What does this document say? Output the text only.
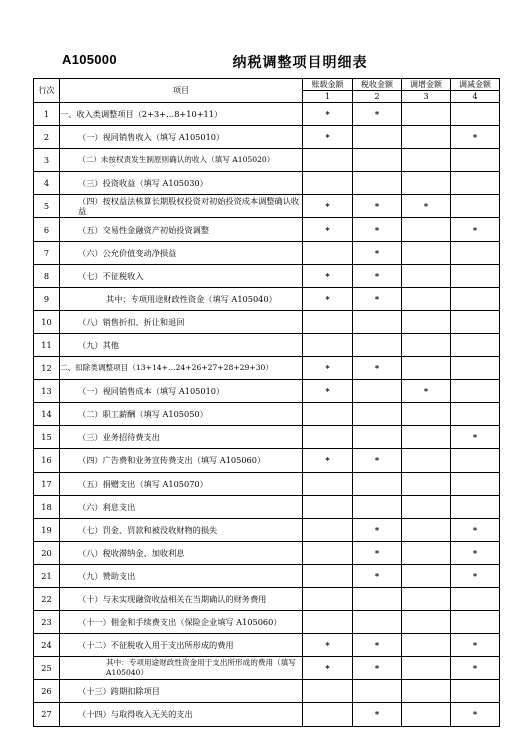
A105000	纳税调整项目明细表
行次	项目	账载金额	税收金额	调增金额	调减金额
		1	2	3	4
1	一、收入类调整项目（2+3+…8+10+11）	*	*		
2	（一）视同销售收入（填写 A105010）	*			*
3	（二）未按权责发生制原则确认的收入（填写 A105020）				

4	（三）投资收益（填写 A105030）				

5	（四）按权益法核算长期股权投资对初始投资成本调整确认收益	*	*	*	
6	（五）交易性金融资产初始投资调整	*	*		*
7	（六）公允价值变动净损益		*		
8	（七）不征税收入	*	*		
9	其中：专项用途财政性资金（填写 A105040）	*	*		
10	（八）销售折扣、折让和退回				

11	（九）其他				

12	二、扣除类调整项目（13+14+…24+26+27+28+29+30）	*	*		
13	（一）视同销售成本（填写 A105010）	*		*	
14	（二）职工薪酬（填写 A105050）				

15	（三）业务招待费支出				*
16	（四）广告费和业务宣传费支出（填写 A105060）	*	*		
17	（五）捐赠支出（填写 A105070）				

18	（六）利息支出				

19	（七）罚金、罚款和被没收财物的损失		*		*
20	（八）税收滞纳金、加收利息		*		*
21	（九）赞助支出		*		*
22	（十）与未实现融资收益相关在当期确认的财务费用				

23	（十一）佣金和手续费支出（保险企业填写 A105060）				

24	（十二）不征税收入用于支出所形成的费用	*	*		*
25	其中：专项用途财政性资金用于支出所形成的费用（填写 A105040）	*	*		*
26	（十三）跨期扣除项目				

27	（十四）与取得收入无关的支出		*		*
